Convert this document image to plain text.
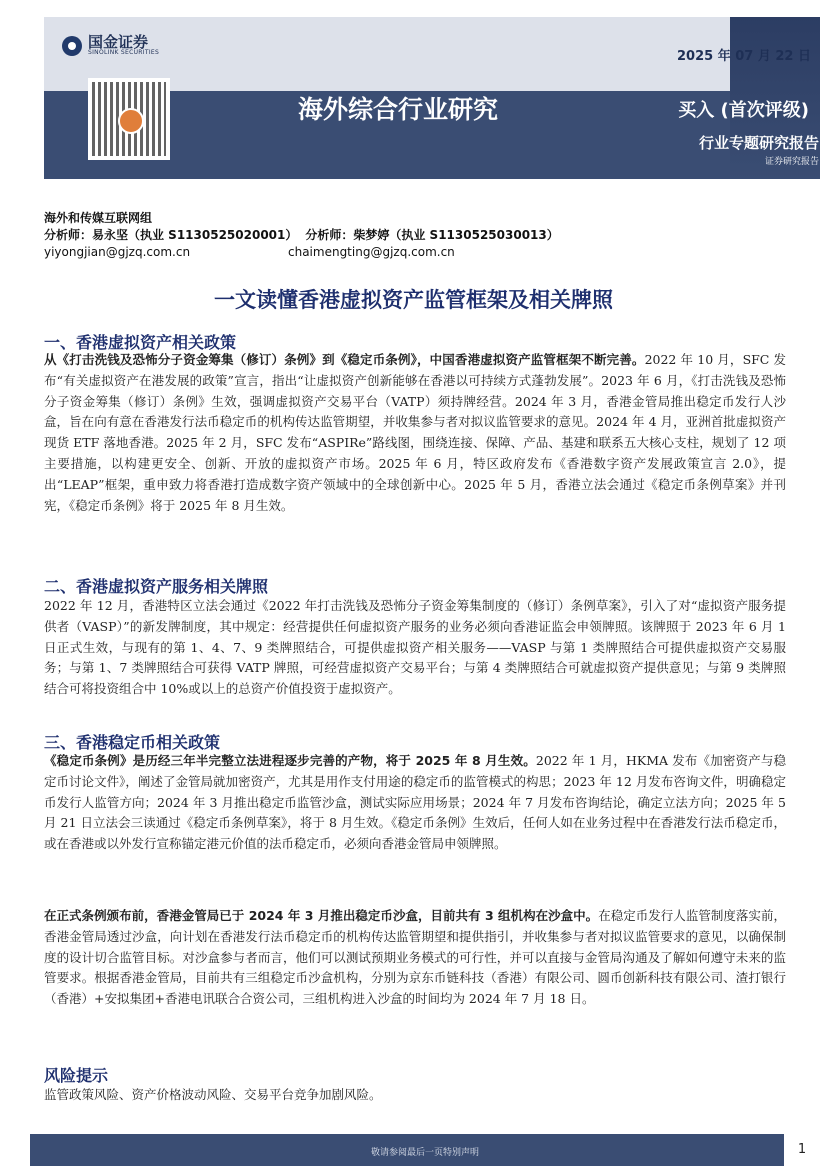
国金证券
SINOLINK SECURITIES	2025 年 07 月 22 日
海外综合行业研究	买入 (首次评级)
行业专题研究报告
证券研究报告
海外和传媒互联网组
分析师：易永坚（执业 S1130525020001） 分析师：柴梦婷（执业 S1130525030013）
yiyongjian@gjzq.com.cn	chaimengting@gjzq.com.cn
一文读懂香港虚拟资产监管框架及相关牌照
一、香港虚拟资产相关政策
从《打击洗钱及恐怖分子资金筹集（修订）条例》到《稳定币条例》，中国香港虚拟资产监管框架不断完善。2022 年 10 月，SFC 发布“有关虚拟资产在港发展的政策”宣言，指出“让虚拟资产创新能够在香港以可持续方式蓬勃发展”。2023 年 6 月，《打击洗钱及恐怖分子资金筹集（修订）条例》生效，强调虚拟资产交易平台（VATP）须持牌经营。2024 年 3 月，香港金管局推出稳定币发行人沙盒，旨在向有意在香港发行法币稳定币的机构传达监管期望，并收集参与者对拟议监管要求的意见。2024 年 4 月，亚洲首批虚拟资产现货 ETF 落地香港。2025 年 2 月，SFC 发布“ASPIRe”路线图，围绕连接、保障、产品、基建和联系五大核心支柱，规划了 12 项主要措施，以构建更安全、创新、开放的虚拟资产市场。2025 年 6 月，特区政府发布《香港数字资产发展政策宣言 2.0》，提出“LEAP”框架，重申致力将香港打造成数字资产领域中的全球创新中心。2025 年 5 月，香港立法会通过《稳定币条例草案》并刊宪，《稳定币条例》将于 2025 年 8 月生效。
二、香港虚拟资产服务相关牌照
2022 年 12 月，香港特区立法会通过《2022 年打击洗钱及恐怖分子资金筹集制度的（修订）条例草案》，引入了对“虚拟资产服务提供者（VASP）”的新发牌制度，其中规定：经营提供任何虚拟资产服务的业务必须向香港证监会申领牌照。该牌照于 2023 年 6 月 1 日正式生效，与现有的第 1、4、7、9 类牌照结合，可提供虚拟资产相关服务——VASP 与第 1 类牌照结合可提供虚拟资产交易服务；与第 1、7 类牌照结合可获得 VATP 牌照，可经营虚拟资产交易平台；与第 4 类牌照结合可就虚拟资产提供意见；与第 9 类牌照结合可将投资组合中 10%或以上的总资产价值投资于虚拟资产。
三、香港稳定币相关政策
《稳定币条例》是历经三年半完整立法进程逐步完善的产物，将于 2025 年 8 月生效。2022 年 1 月，HKMA 发布《加密资产与稳定币讨论文件》，阐述了金管局就加密资产，尤其是用作支付用途的稳定币的监管模式的构思；2023 年 12 月发布咨询文件，明确稳定币发行人监管方向；2024 年 3 月推出稳定币监管沙盒，测试实际应用场景；2024 年 7 月发布咨询结论，确定立法方向；2025 年 5 月 21 日立法会三读通过《稳定币条例草案》，将于 8 月生效。《稳定币条例》生效后，任何人如在业务过程中在香港发行法币稳定币，或在香港或以外发行宣称锚定港元价值的法币稳定币，必须向香港金管局申领牌照。
在正式条例颁布前，香港金管局已于 2024 年 3 月推出稳定币沙盒，目前共有 3 组机构在沙盒中。在稳定币发行人监管制度落实前，香港金管局透过沙盒，向计划在香港发行法币稳定币的机构传达监管期望和提供指引，并收集参与者对拟议监管要求的意见，以确保制度的设计切合监管目标。对沙盒参与者而言，他们可以测试预期业务模式的可行性，并可以直接与金管局沟通及了解如何遵守未来的监管要求。根据香港金管局，目前共有三组稳定币沙盒机构，分别为京东币链科技（香港）有限公司、圆币创新科技有限公司、渣打银行（香港）+安拟集团+香港电讯联合合资公司，三组机构进入沙盒的时间均为 2024 年 7 月 18 日。
风险提示
监管政策风险、资产价格波动风险、交易平台竞争加剧风险。
敬请参阅最后一页特别声明	1
